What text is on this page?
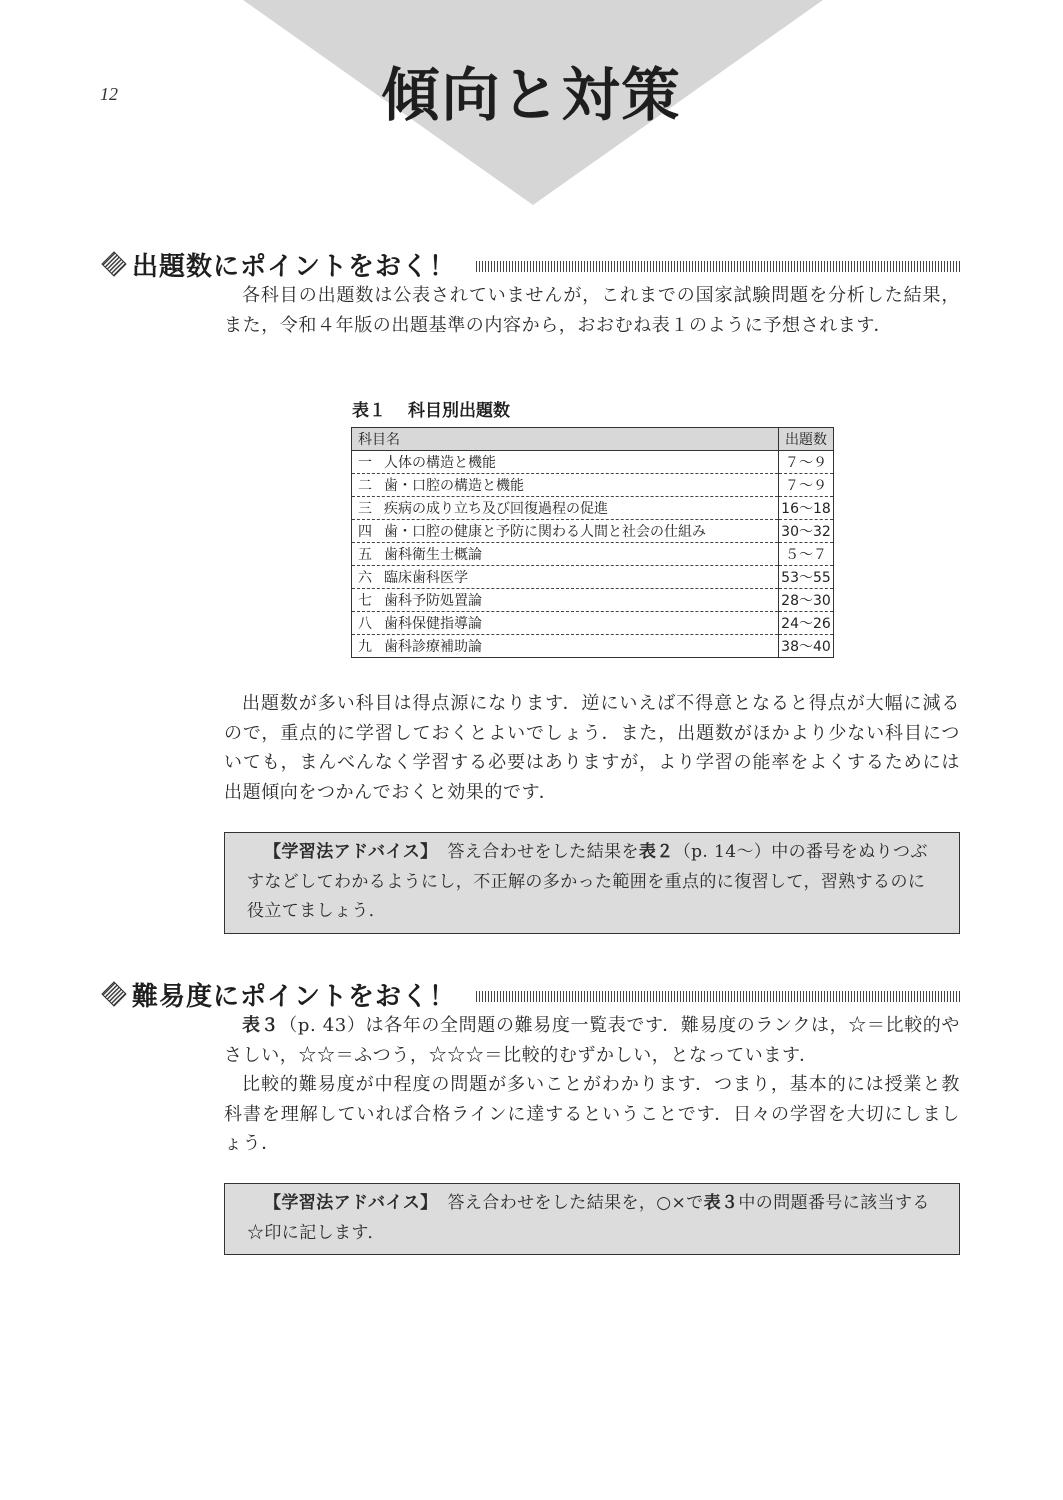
12	傾向と対策
出題数にポイントをおく！

各科目の出題数は公表されていませんが，これまでの国家試験問題を分析した結果，また，令和４年版の出題基準の内容から，おおむね表１のように予想されます．

表１ 科目別出題数
科目名	出題数
一 人体の構造と機能	７～９
二 歯・口腔の構造と機能	７～９
三 疾病の成り立ち及び回復過程の促進	16～18
四 歯・口腔の健康と予防に関わる人間と社会の仕組み	30～32
五 歯科衛生士概論	５～７
六 臨床歯科医学	53～55
七 歯科予防処置論	28～30
八 歯科保健指導論	24～26
九 歯科診療補助論	38～40

出題数が多い科目は得点源になります．逆にいえば不得意となると得点が大幅に減るので，重点的に学習しておくとよいでしょう．また，出題数がほかより少ない科目についても，まんべんなく学習する必要はありますが，より学習の能率をよくするためには出題傾向をつかんでおくと効果的です．

【学習法アドバイス】 答え合わせをした結果を表２（p. 14～）中の番号をぬりつぶすなどしてわかるようにし，不正解の多かった範囲を重点的に復習して，習熟するのに役立てましょう．
難易度にポイントをおく！

表３（p. 43）は各年の全問題の難易度一覧表です．難易度のランクは，☆＝比較的やさしい，☆☆＝ふつう，☆☆☆＝比較的むずかしい，となっています．

比較的難易度が中程度の問題が多いことがわかります．つまり，基本的には授業と教科書を理解していれば合格ラインに達するということです．日々の学習を大切にしましょう．

【学習法アドバイス】 答え合わせをした結果を，○×で表３中の問題番号に該当する☆印に記します．
